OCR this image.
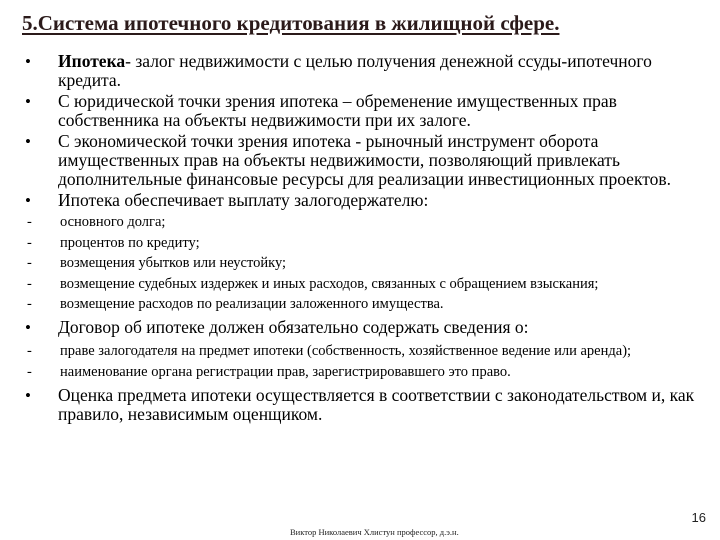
5.Система ипотечного кредитования в жилищной сфере.
•	Ипотека- залог недвижимости с целью получения денежной ссуды-ипотечного кредита.
•	С юридической точки зрения ипотека – обременение имущественных прав собственника на объекты недвижимости при их залоге.
•	С экономической точки зрения ипотека - рыночный инструмент оборота имущественных прав на объекты недвижимости, позволяющий привлекать дополнительные финансовые ресурсы для реализации инвестиционных проектов.
•	Ипотека обеспечивает выплату залогодержателю:
-	основного долга;
-	процентов по кредиту;
-	возмещения убытков или неустойку;
-	возмещение судебных издержек и иных расходов, связанных с обращением взыскания;
-	возмещение расходов по реализации заложенного имущества.
•	Договор об ипотеке должен обязательно содержать сведения о:
-	праве залогодателя на предмет ипотеки (собственность, хозяйственное ведение или аренда);
-	наименование органа регистрации прав, зарегистрировавшего это право.
•	Оценка предмета ипотеки осуществляется в соответствии с законодательством и, как правило, независимым оценщиком.
16
Виктор Николаевич Хлистун профессор, д.э.н.
